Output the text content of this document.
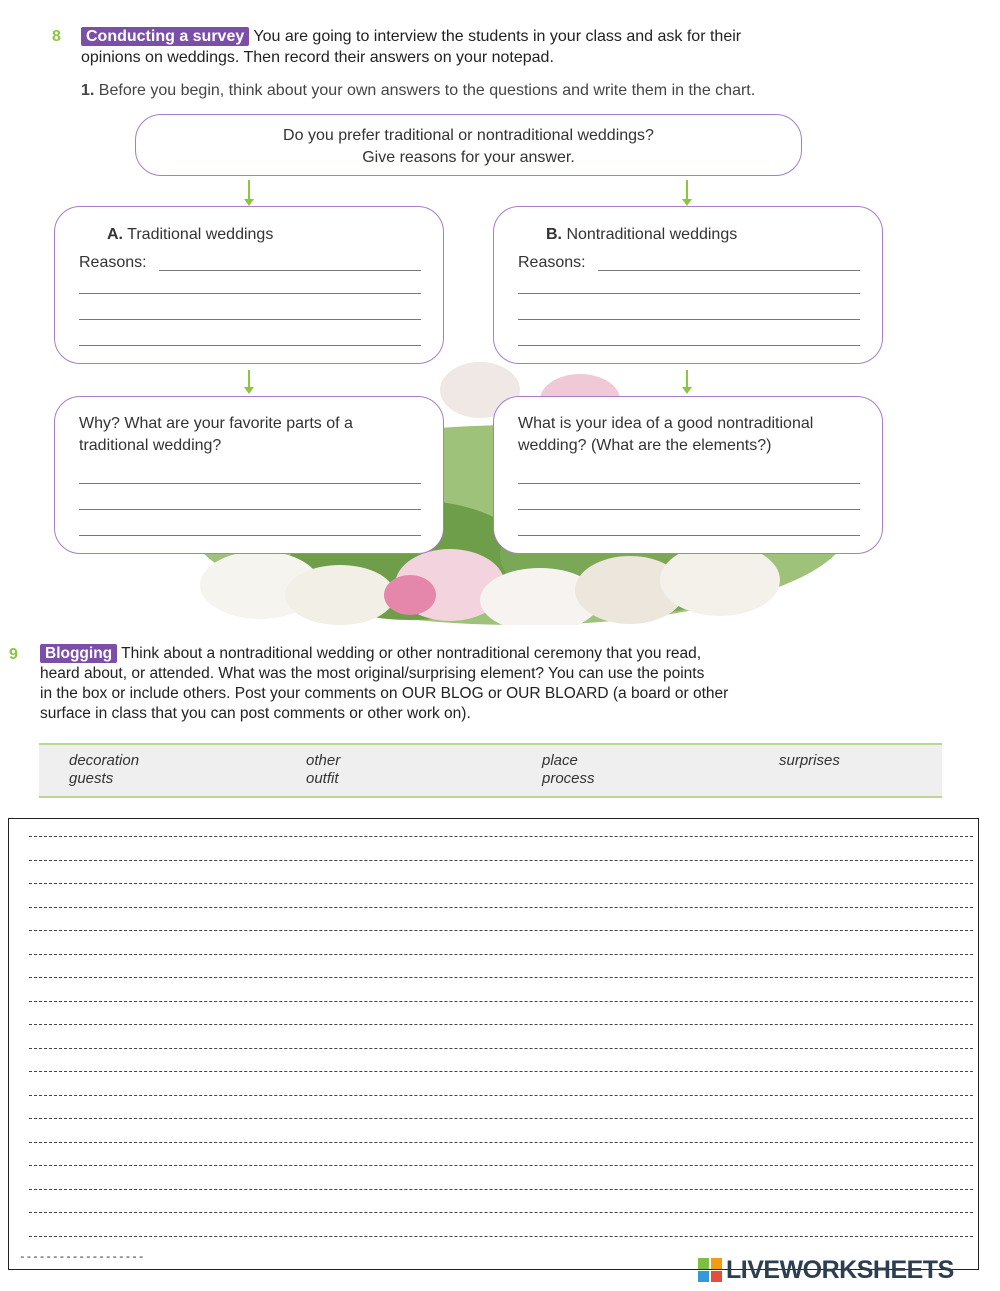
8	Conducting a survey You are going to interview the students in your class and ask for their
opinions on weddings. Then record their answers on your notepad.
1. Before you begin, think about your own answers to the questions and write them in the chart.
Do you prefer traditional or nontraditional weddings?
Give reasons for your answer.
A. Traditional weddings
Reasons:
B. Nontraditional weddings
Reasons:
Why? What are your favorite parts of a
traditional wedding?
What is your idea of a good nontraditional
wedding? (What are the elements?)
9	Blogging Think about a nontraditional wedding or other nontraditional ceremony that you read,
heard about, or attended. What was the most original/surprising element? You can use the points
in the box or include others. Post your comments on OUR BLOG or OUR BLOARD (a board or other
surface in class that you can post comments or other work on).
decoration	other	place	surprises
guests	outfit	process
-------------------	LIVEWORKSHEETS
